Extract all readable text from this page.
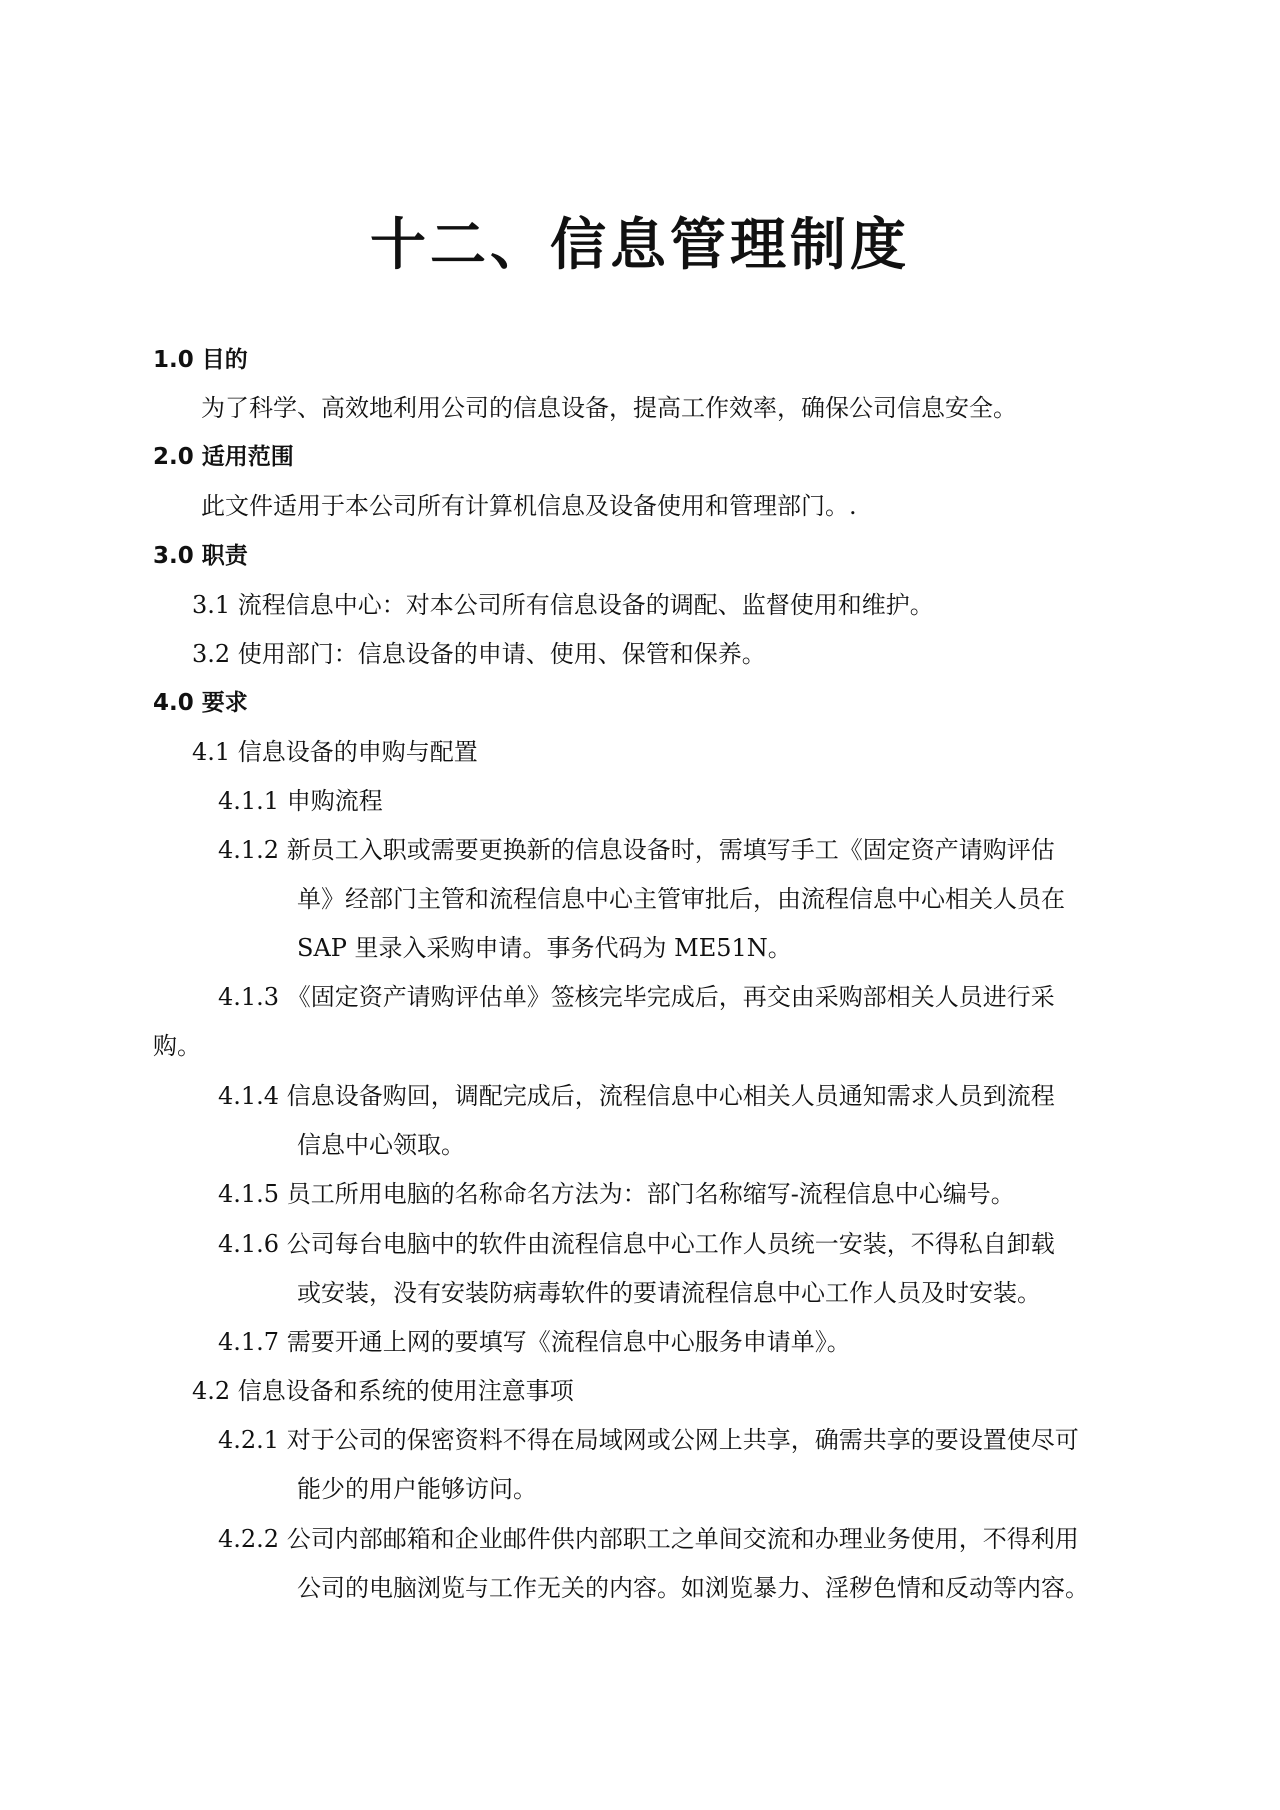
十二、信息管理制度
1.0 目的
为了科学、高效地利用公司的信息设备，提高工作效率，确保公司信息安全。
2.0 适用范围
此文件适用于本公司所有计算机信息及设备使用和管理部门。.
3.0 职责
3.1 流程信息中心：对本公司所有信息设备的调配、监督使用和维护。
3.2 使用部门：信息设备的申请、使用、保管和保养。
4.0 要求
4.1 信息设备的申购与配置
4.1.1 申购流程
4.1.2 新员工入职或需要更换新的信息设备时，需填写手工《固定资产请购评估
单》经部门主管和流程信息中心主管审批后，由流程信息中心相关人员在
SAP 里录入采购申请。事务代码为 ME51N。
4.1.3 《固定资产请购评估单》签核完毕完成后，再交由采购部相关人员进行采
购。
4.1.4 信息设备购回，调配完成后，流程信息中心相关人员通知需求人员到流程
信息中心领取。
4.1.5 员工所用电脑的名称命名方法为：部门名称缩写-流程信息中心编号。
4.1.6 公司每台电脑中的软件由流程信息中心工作人员统一安装，不得私自卸载
或安装，没有安装防病毒软件的要请流程信息中心工作人员及时安装。
4.1.7 需要开通上网的要填写《流程信息中心服务申请单》。
4.2 信息设备和系统的使用注意事项
4.2.1 对于公司的保密资料不得在局域网或公网上共享，确需共享的要设置使尽可
能少的用户能够访问。
4.2.2 公司内部邮箱和企业邮件供内部职工之单间交流和办理业务使用，不得利用
公司的电脑浏览与工作无关的内容。如浏览暴力、淫秽色情和反动等内容。
